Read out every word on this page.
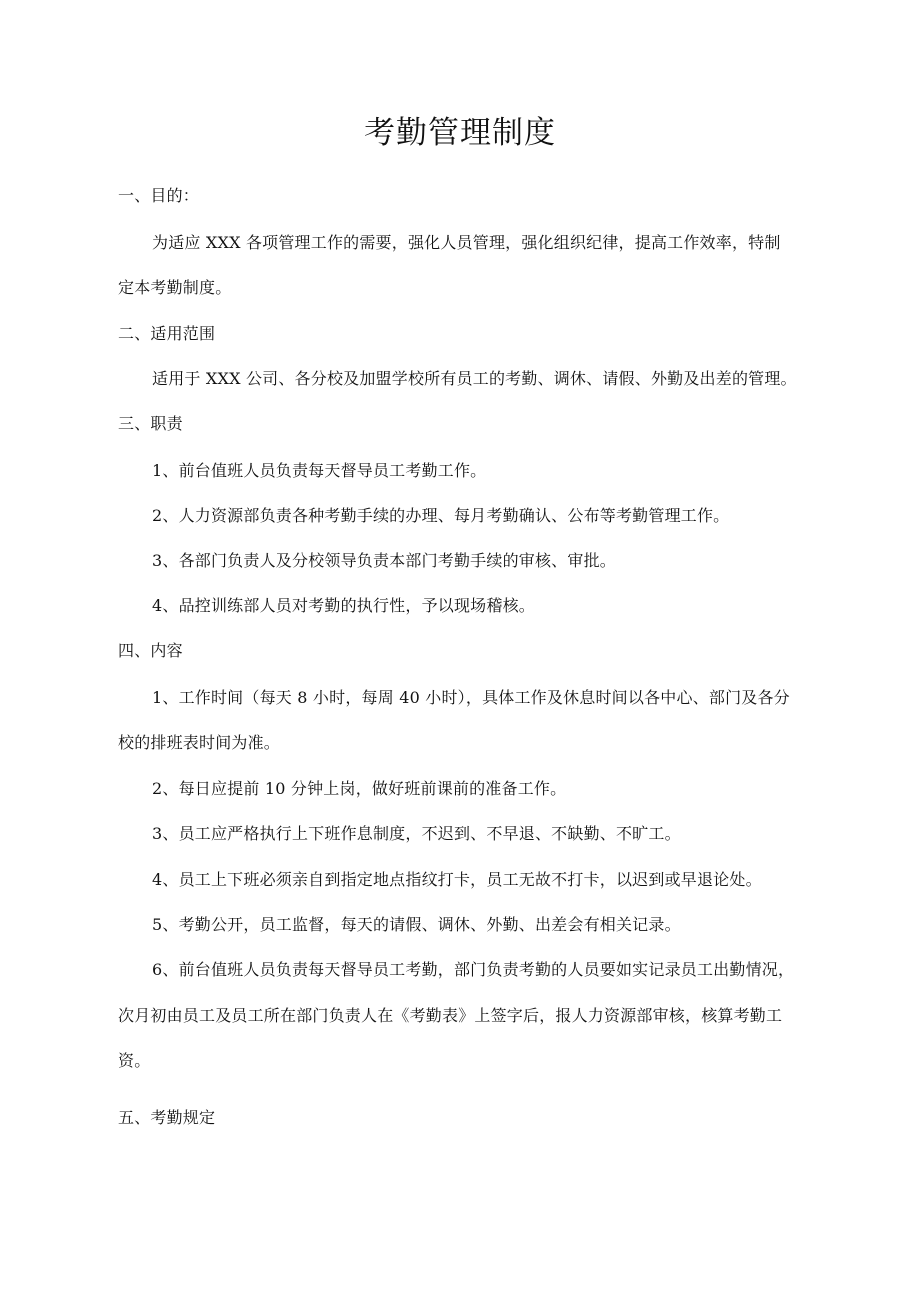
考勤管理制度
一、目的：
为适应 XXX 各项管理工作的需要，强化人员管理，强化组织纪律，提高工作效率，特制
定本考勤制度。
二、适用范围
适用于 XXX 公司、各分校及加盟学校所有员工的考勤、调休、请假、外勤及出差的管理。
三、职责
1、前台值班人员负责每天督导员工考勤工作。
2、人力资源部负责各种考勤手续的办理、每月考勤确认、公布等考勤管理工作。
3、各部门负责人及分校领导负责本部门考勤手续的审核、审批。
4、品控训练部人员对考勤的执行性，予以现场稽核。
四、内容
1、工作时间（每天 8 小时，每周 40 小时），具体工作及休息时间以各中心、部门及各分
校的排班表时间为准。
2、每日应提前 10 分钟上岗，做好班前课前的准备工作。
3、员工应严格执行上下班作息制度，不迟到、不早退、不缺勤、不旷工。
4、员工上下班必须亲自到指定地点指纹打卡，员工无故不打卡，以迟到或早退论处。
5、考勤公开，员工监督，每天的请假、调休、外勤、出差会有相关记录。
6、前台值班人员负责每天督导员工考勤，部门负责考勤的人员要如实记录员工出勤情况，
次月初由员工及员工所在部门负责人在《考勤表》上签字后，报人力资源部审核，核算考勤工
资。
五、考勤规定
